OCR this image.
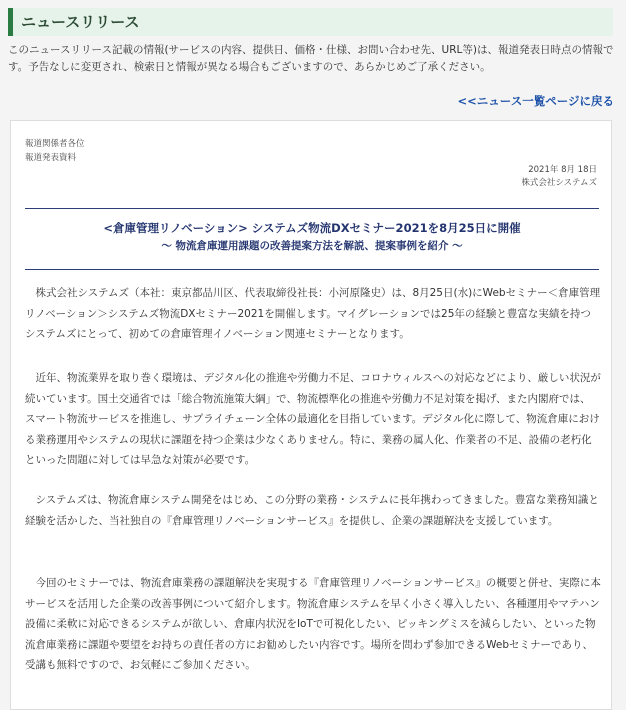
ニュースリリース
このニュースリリース記載の情報(サービスの内容、提供日、価格・仕様、お問い合わせ先、URL等)は、報道発表日時点の情報です。予告なしに変更され、検索日と情報が異なる場合もございますので、あらかじめご了承ください。
<<ニュース一覧ページに戻る
報道関係者各位
報道発表資料
2021年 8月 18日
株式会社システムズ
<倉庫管理リノベーション> システムズ物流DXセミナー2021を8月25日に開催
～ 物流倉庫運用課題の改善提案方法を解説、提案事例を紹介 ～

　株式会社システムズ（本社：東京都品川区、代表取締役社長：小河原隆史）は、8月25日(水)にWebセミナー＜倉庫管理リノベーション＞システムズ物流DXセミナー2021を開催します。マイグレーションでは25年の経験と豊富な実績を持つシステムズにとって、初めての倉庫管理イノベーション関連セミナーとなります。

　近年、物流業界を取り巻く環境は、デジタル化の推進や労働力不足、コロナウィルスへの対応などにより、厳しい状況が続いています。国土交通省では「総合物流施策大綱」で、物流標準化の推進や労働力不足対策を掲げ、また内閣府では、スマート物流サービスを推進し、サプライチェーン全体の最適化を目指しています。デジタル化に際して、物流倉庫における業務運用やシステムの現状に課題を持つ企業は少なくありません。特に、業務の属人化、作業者の不足、設備の老朽化といった問題に対しては早急な対策が必要です。

　システムズは、物流倉庫システム開発をはじめ、この分野の業務・システムに長年携わってきました。豊富な業務知識と経験を活かした、当社独自の『倉庫管理リノベーションサービス』を提供し、企業の課題解決を支援しています。

　今回のセミナーでは、物流倉庫業務の課題解決を実現する『倉庫管理リノベーションサービス』の概要と併せ、実際に本サービスを活用した企業の改善事例について紹介します。物流倉庫システムを早く小さく導入したい、各種運用やマテハン設備に柔軟に対応できるシステムが欲しい、倉庫内状況をIoTで可視化したい、ピッキングミスを減らしたい、といった物流倉庫業務に課題や要望をお持ちの責任者の方にお勧めしたい内容です。場所を問わず参加できるWebセミナーであり、受講も無料ですので、お気軽にご参加ください。
